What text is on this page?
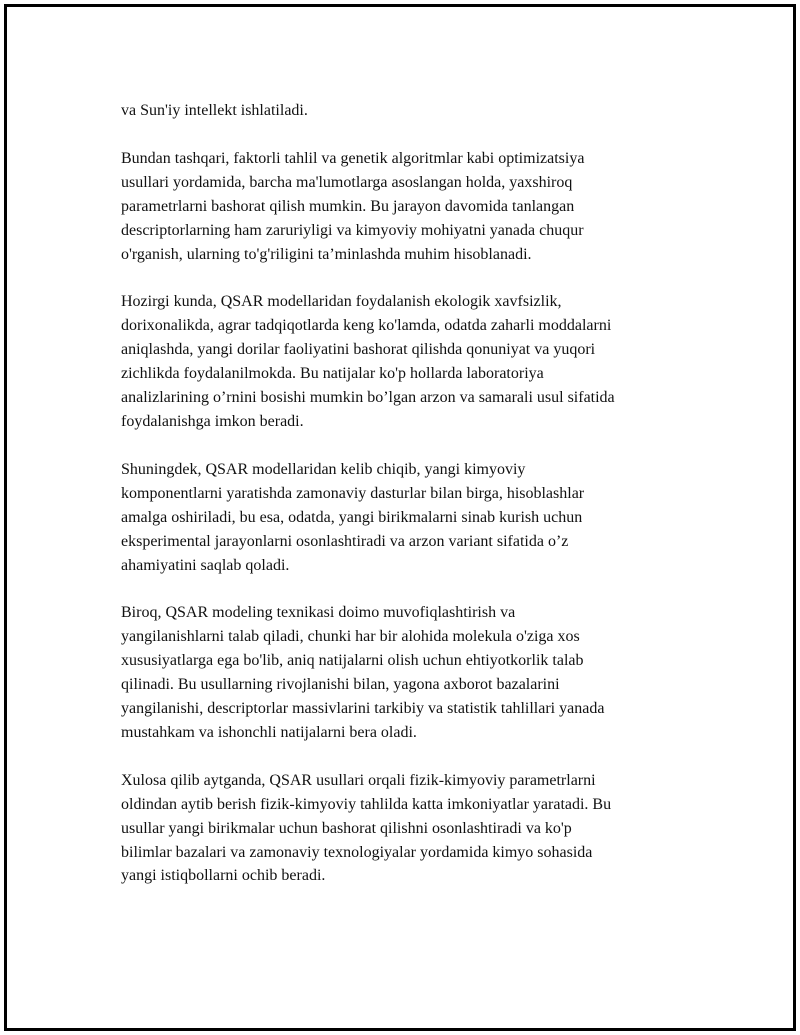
va Sun'iy intellekt ishlatiladi.

Bundan tashqari, faktorli tahlil va genetik algoritmlar kabi optimizatsiya
usullari yordamida, barcha ma'lumotlarga asoslangan holda, yaxshiroq
parametrlarni bashorat qilish mumkin. Bu jarayon davomida tanlangan
descriptorlarning ham zaruriyligi va kimyoviy mohiyatni yanada chuqur
o'rganish, ularning to'g'riligini ta’minlashda muhim hisoblanadi.

Hozirgi kunda, QSAR modellaridan foydalanish ekologik xavfsizlik,
dorixonalikda, agrar tadqiqotlarda keng ko'lamda, odatda zaharli moddalarni
aniqlashda, yangi dorilar faoliyatini bashorat qilishda qonuniyat va yuqori
zichlikda foydalanilmokda. Bu natijalar ko'p hollarda laboratoriya
analizlarining o’rnini bosishi mumkin bo’lgan arzon va samarali usul sifatida
foydalanishga imkon beradi.

Shuningdek, QSAR modellaridan kelib chiqib, yangi kimyoviy
komponentlarni yaratishda zamonaviy dasturlar bilan birga, hisoblashlar
amalga oshiriladi, bu esa, odatda, yangi birikmalarni sinab kurish uchun
eksperimental jarayonlarni osonlashtiradi va arzon variant sifatida o’z
ahamiyatini saqlab qoladi.

Biroq, QSAR modeling texnikasi doimo muvofiqlashtirish va
yangilanishlarni talab qiladi, chunki har bir alohida molekula o'ziga xos
xususiyatlarga ega bo'lib, aniq natijalarni olish uchun ehtiyotkorlik talab
qilinadi. Bu usullarning rivojlanishi bilan, yagona axborot bazalarini
yangilanishi, descriptorlar massivlarini tarkibiy va statistik tahlillari yanada
mustahkam va ishonchli natijalarni bera oladi.

Xulosa qilib aytganda, QSAR usullari orqali fizik-kimyoviy parametrlarni
oldindan aytib berish fizik-kimyoviy tahlilda katta imkoniyatlar yaratadi. Bu
usullar yangi birikmalar uchun bashorat qilishni osonlashtiradi va ko'p
bilimlar bazalari va zamonaviy texnologiyalar yordamida kimyo sohasida
yangi istiqbollarni ochib beradi.
